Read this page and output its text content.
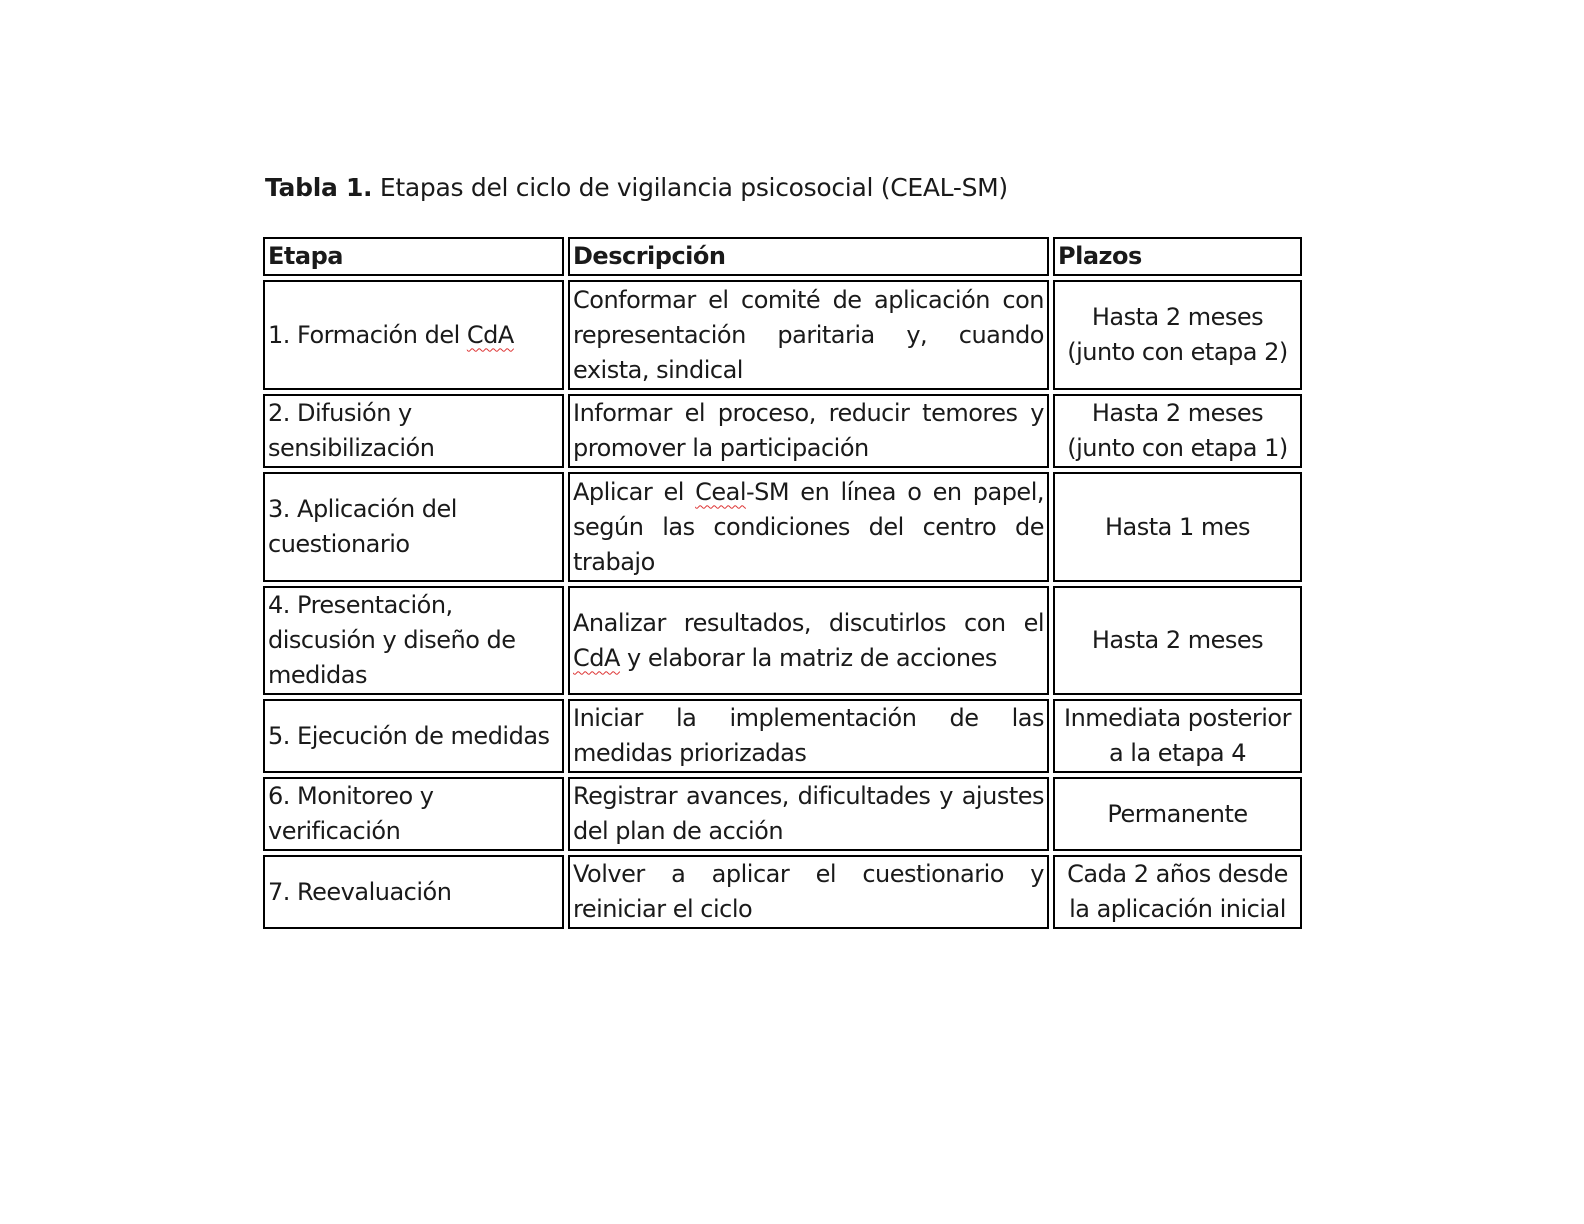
Tabla 1. Etapas del ciclo de vigilancia psicosocial (CEAL-SM)
Etapa	Descripción	Plazos
1. Formación del CdA	Conformar el comité de aplicación con representación paritaria y, cuando exista, sindical	Hasta 2 meses (junto con etapa 2)
2. Difusión y sensibilización	Informar el proceso, reducir temores y promover la participación	Hasta 2 meses (junto con etapa 1)
3. Aplicación del cuestionario	Aplicar el Ceal-SM en línea o en papel, según las condiciones del centro de trabajo	Hasta 1 mes
4. Presentación, discusión y diseño de medidas	Analizar resultados, discutirlos con el CdA y elaborar la matriz de acciones	Hasta 2 meses
5. Ejecución de medidas	Iniciar la implementación de las medidas priorizadas	Inmediata posterior a la etapa 4
6. Monitoreo y verificación	Registrar avances, dificultades y ajustes del plan de acción	Permanente
7. Reevaluación	Volver a aplicar el cuestionario y reiniciar el ciclo	Cada 2 años desde la aplicación inicial
